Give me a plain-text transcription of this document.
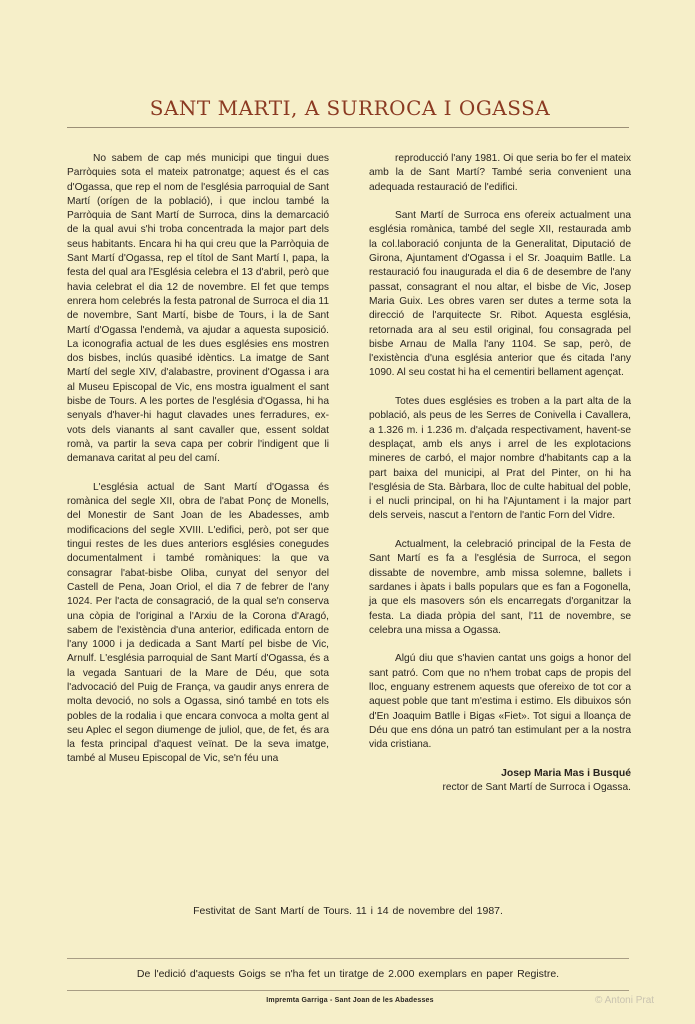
SANT MARTI, A SURROCA I OGASSA

No sabem de cap més municipi que tingui dues Parròquies sota el mateix patronatge; aquest és el cas d'Ogassa, que rep el nom de l'església parroquial de Sant Martí (orígen de la població), i que inclou també la Parròquia de Sant Martí de Surroca, dins la demarcació de la qual avui s'hi troba concentrada la major part dels seus habitants. Encara hi ha qui creu que la Parròquia de Sant Martí d'Ogassa, rep el títol de Sant Martí I, papa, la festa del qual ara l'Església celebra el 13 d'abril, però que havia celebrat el dia 12 de novembre. El fet que temps enrera hom celebrés la festa patronal de Surroca el dia 11 de novembre, Sant Martí, bisbe de Tours, i la de Sant Martí d'Ogassa l'endemà, va ajudar a aquesta suposició. La iconografia actual de les dues esglésies ens mostren dos bisbes, inclús quasibé idèntics. La imatge de Sant Martí del segle XIV, d'alabastre, provinent d'Ogassa i ara al Museu Episcopal de Vic, ens mostra igualment el sant bisbe de Tours. A les portes de l'església d'Ogassa, hi ha senyals d'haver-hi hagut clavades unes ferradures, ex-vots dels vianants al sant cavaller que, essent soldat romà, va partir la seva capa per cobrir l'indigent que li demanava caritat al peu del camí.

L'església actual de Sant Martí d'Ogassa és romànica del segle XII, obra de l'abat Ponç de Monells, del Monestir de Sant Joan de les Abadesses, amb modificacions del segle XVIII. L'edifici, però, pot ser que tingui restes de les dues anteriors esglésies conegudes documentalment i també romàniques: la que va consagrar l'abat-bisbe Oliba, cunyat del senyor del Castell de Pena, Joan Oriol, el dia 7 de febrer de l'any 1024. Per l'acta de consagració, de la qual se'n conserva una còpia de l'original a l'Arxiu de la Corona d'Aragó, sabem de l'existència d'una anterior, edificada entorn de l'any 1000 i ja dedicada a Sant Martí pel bisbe de Vic, Arnulf. L'església parroquial de Sant Martí d'Ogassa, és a la vegada Santuari de la Mare de Déu, que sota l'advocació del Puig de França, va gaudir anys enrera de molta devoció, no sols a Ogassa, sinó també en tots els pobles de la rodalia i que encara convoca a molta gent al seu Aplec el segon diumenge de juliol, que, de fet, és ara la festa principal d'aquest veïnat. De la seva imatge, també al Museu Episcopal de Vic, se'n féu una

reproducció l'any 1981. Oi que seria bo fer el mateix amb la de Sant Martí? També seria convenient una adequada restauració de l'edifici.

Sant Martí de Surroca ens ofereix actualment una església romànica, també del segle XII, restaurada amb la col.laboració conjunta de la Generalitat, Diputació de Girona, Ajuntament d'Ogassa i el Sr. Joaquim Batlle. La restauració fou inaugurada el dia 6 de desembre de l'any passat, consagrant el nou altar, el bisbe de Vic, Josep Maria Guix. Les obres varen ser dutes a terme sota la direcció de l'arquitecte Sr. Ribot. Aquesta església, retornada ara al seu estil original, fou consagrada pel bisbe Arnau de Malla l'any 1104. Se sap, però, de l'existència d'una església anterior que és citada l'any 1090. Al seu costat hi ha el cementiri bellament agençat.

Totes dues esglésies es troben a la part alta de la població, als peus de les Serres de Conivella i Cavallera, a 1.326 m. i 1.236 m. d'alçada respectivament, havent-se desplaçat, amb els anys i arrel de les explotacions mineres de carbó, el major nombre d'habitants cap a la part baixa del municipi, al Prat del Pinter, on hi ha l'església de Sta. Bàrbara, lloc de culte habitual del poble, i el nucli principal, on hi ha l'Ajuntament i la major part dels serveis, nascut a l'entorn de l'antic Forn del Vidre.

Actualment, la celebració principal de la Festa de Sant Martí es fa a l'església de Surroca, el segon dissabte de novembre, amb missa solemne, ballets i sardanes i àpats i balls populars que es fan a Fogonella, ja que els masovers són els encarregats d'organitzar la festa. La diada pròpia del sant, l'11 de novembre, se celebra una missa a Ogassa.

Algú diu que s'havien cantat uns goigs a honor del sant patró. Com que no n'hem trobat caps de propis del lloc, enguany estrenem aquests que ofereixo de tot cor a aquest poble que tant m'estima i estimo. Els dibuixos són d'En Joaquim Batlle i Bigas «Fiet». Tot sigui a lloança de Déu que ens dóna un patró tan estimulant per a la nostra vida cristiana.

Josep Maria Mas i Busqué
rector de Sant Martí de Surroca i Ogassa.
Festivitat de Sant Martí de Tours. 11 i 14 de novembre del 1987.
De l'edició d'aquests Goigs se n'ha fet un tiratge de 2.000 exemplars en paper Registre.
Impremta Garriga - Sant Joan de les Abadesses	© Antoni Prat
